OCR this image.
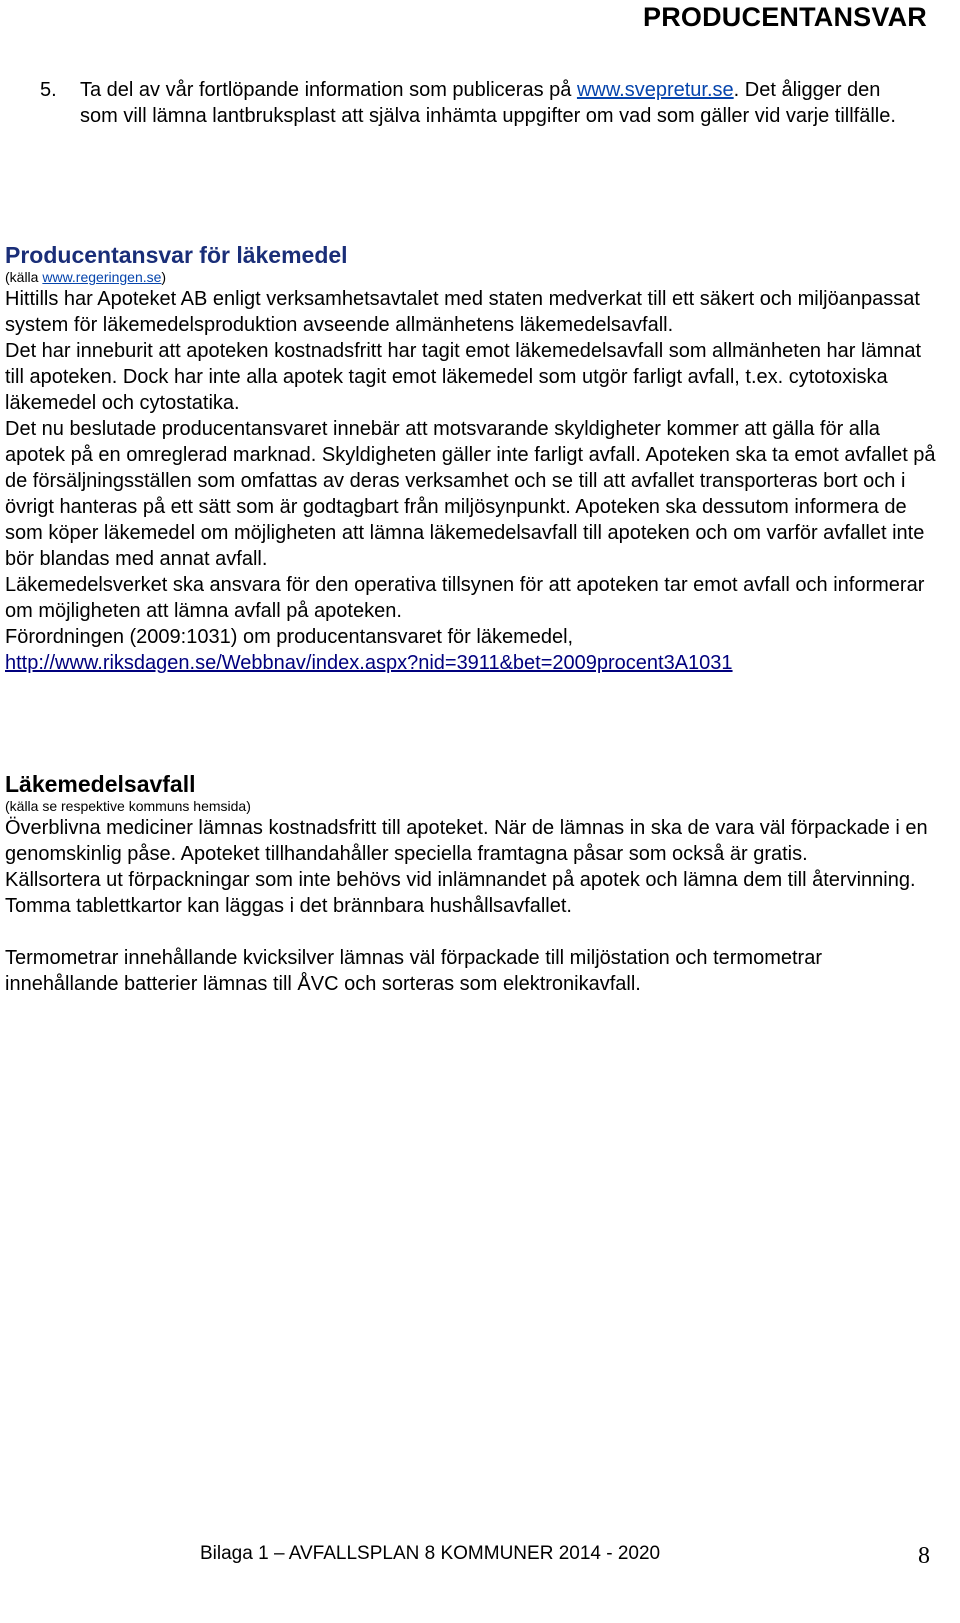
PRODUCENTANSVAR
5. Ta del av vår fortlöpande information som publiceras på www.svepretur.se. Det åligger den som vill lämna lantbruksplast att själva inhämta uppgifter om vad som gäller vid varje tillfälle.
Producentansvar för läkemedel
(källa www.regeringen.se)

Hittills har Apoteket AB enligt verksamhetsavtalet med staten medverkat till ett säkert och miljöanpassat system för läkemedelsproduktion avseende allmänhetens läkemedelsavfall.

Det har inneburit att apoteken kostnadsfritt har tagit emot läkemedelsavfall som allmänheten har lämnat till apoteken. Dock har inte alla apotek tagit emot läkemedel som utgör farligt avfall, t.ex. cytotoxiska läkemedel och cytostatika.

Det nu beslutade producentansvaret innebär att motsvarande skyldigheter kommer att gälla för alla apotek på en omreglerad marknad. Skyldigheten gäller inte farligt avfall. Apoteken ska ta emot avfallet på de försäljningsställen som omfattas av deras verksamhet och se till att avfallet transporteras bort och i övrigt hanteras på ett sätt som är godtagbart från miljösynpunkt. Apoteken ska dessutom informera de som köper läkemedel om möjligheten att lämna läkemedelsavfall till apoteken och om varför avfallet inte bör blandas med annat avfall.

Läkemedelsverket ska ansvara för den operativa tillsynen för att apoteken tar emot avfall och informerar om möjligheten att lämna avfall på apoteken.

Förordningen (2009:1031) om producentansvaret för läkemedel,

http://www.riksdagen.se/Webbnav/index.aspx?nid=3911&bet=2009procent3A1031

Läkemedelsavfall
(källa se respektive kommuns hemsida)

Överblivna mediciner lämnas kostnadsfritt till apoteket. När de lämnas in ska de vara väl förpackade i en genomskinlig påse. Apoteket tillhandahåller speciella framtagna påsar som också är gratis.

Källsortera ut förpackningar som inte behövs vid inlämnandet på apotek och lämna dem till återvinning. Tomma tablettkartor kan läggas i det brännbara hushållsavfallet.

Termometrar innehållande kvicksilver lämnas väl förpackade till miljöstation och termometrar innehållande batterier lämnas till ÅVC och sorteras som elektronikavfall.

Bilaga 1 – AVFALLSPLAN 8 KOMMUNER 2014 - 2020	8
